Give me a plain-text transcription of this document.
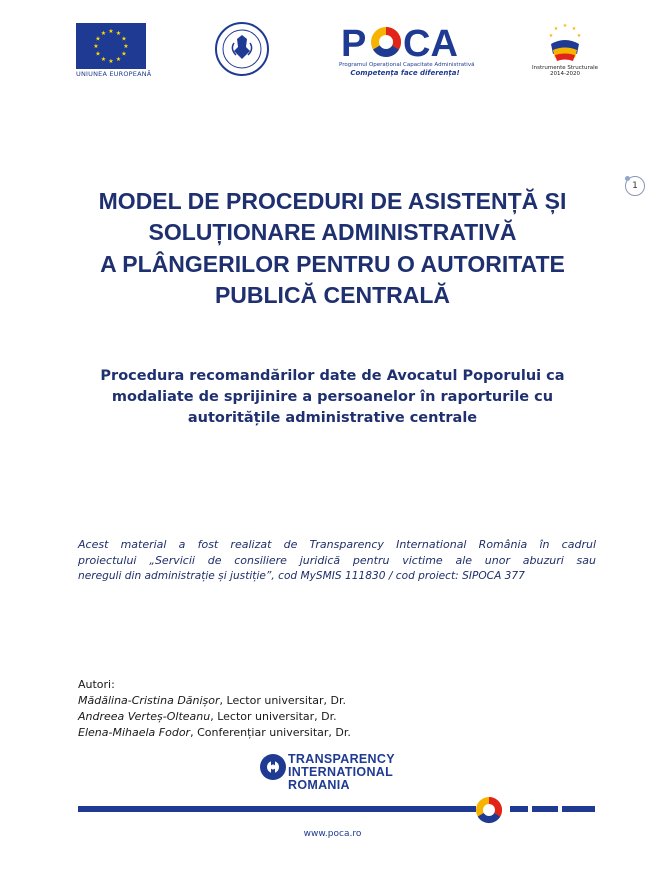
★ ★
★
★
★
★
★
★
★
★
★
★
UNIUNEA EUROPEANĂ
P CA
Programul Operațional Capacitate Administrativă
Competența face diferența!
★ ★
★
★
★
Instrumente Structurale
2014-2020
1
MODEL DE PROCEDURI DE ASISTENȚĂ ȘI
SOLUȚIONARE ADMINISTRATIVĂ
A PLÂNGERILOR PENTRU O AUTORITATE
PUBLICĂ CENTRALĂ
Procedura recomandărilor date de Avocatul Poporului ca
modaliate de sprijinire a persoanelor în raporturile cu
autoritățile administrative centrale
Acest material a fost realizat de Transparency International România în cadrul
proiectului „Servicii de consiliere juridică pentru victime ale unor abuzuri sau
nereguli din administrație și justiție”, cod MySMIS 111830 / cod proiect: SIPOCA 377
Autori:
Mădălina-Cristina Dănișor, Lector universitar, Dr.
Andreea Verteș-Olteanu, Lector universitar, Dr.
Elena-Mihaela Fodor, Conferențiar universitar, Dr.
TRANSPARENCY
INTERNATIONAL
ROMANIA
www.poca.ro
